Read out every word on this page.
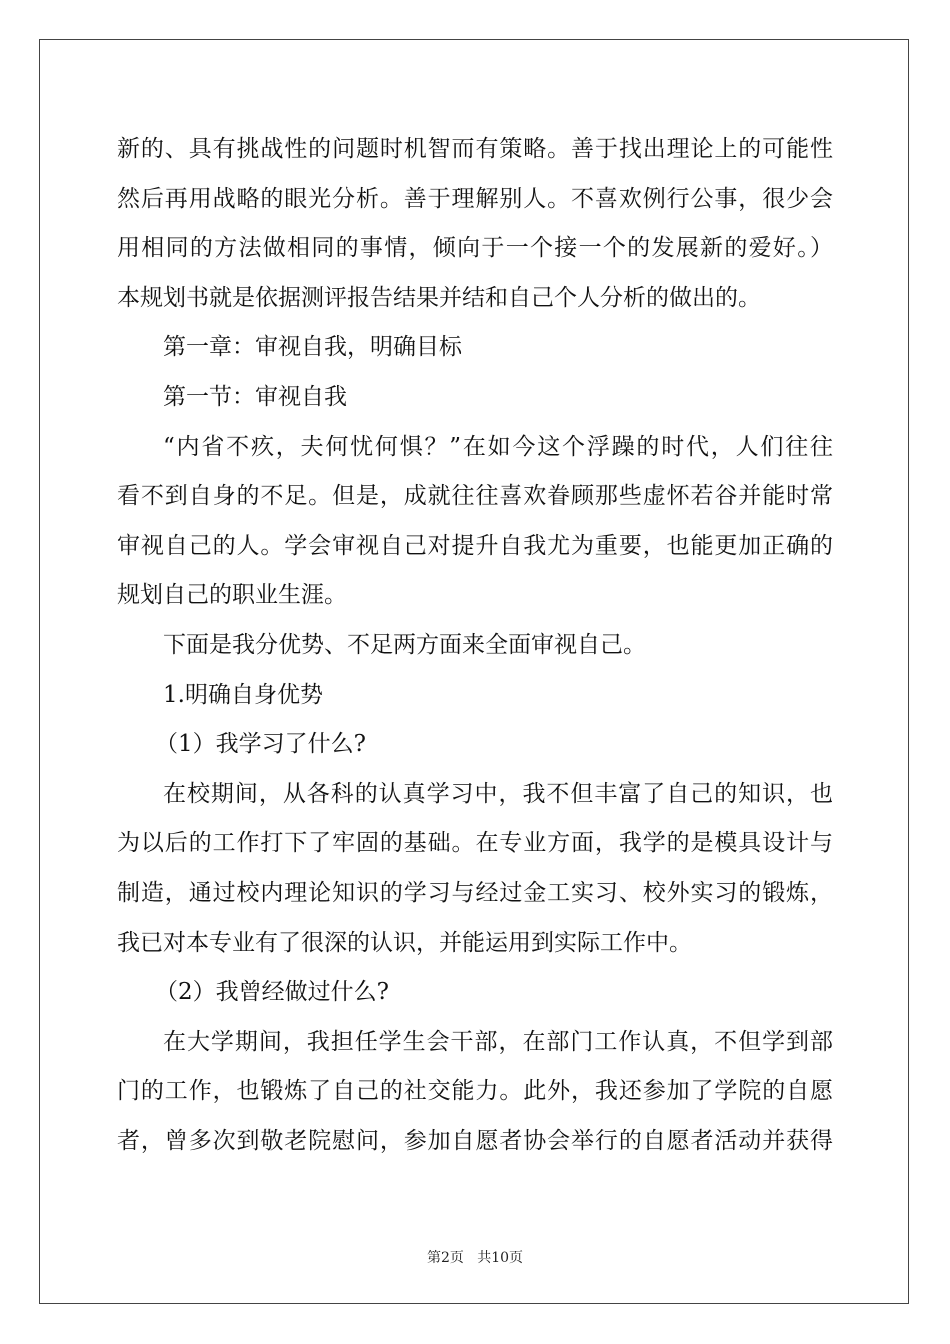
新的、具有挑战性的问题时机智而有策略。善于找出理论上的可能性
然后再用战略的眼光分析。善于理解别人。不喜欢例行公事，很少会
用相同的方法做相同的事情，倾向于一个接一个的发展新的爱好。）
本规划书就是依据测评报告结果并结和自己个人分析的做出的。
第一章：审视自我，明确目标
第一节：审视自我
“内省不疚，夫何忧何惧？”在如今这个浮躁的时代，人们往往
看不到自身的不足。但是，成就往往喜欢眷顾那些虚怀若谷并能时常
审视自己的人。学会审视自己对提升自我尤为重要，也能更加正确的
规划自己的职业生涯。
下面是我分优势、不足两方面来全面审视自己。
1.明确自身优势
（1）我学习了什么?
在校期间，从各科的认真学习中，我不但丰富了自己的知识，也
为以后的工作打下了牢固的基础。在专业方面，我学的是模具设计与
制造，通过校内理论知识的学习与经过金工实习、校外实习的锻炼，
我已对本专业有了很深的认识，并能运用到实际工作中。
（2）我曾经做过什么?
在大学期间，我担任学生会干部，在部门工作认真，不但学到部
门的工作，也锻炼了自己的社交能力。此外，我还参加了学院的自愿
者，曾多次到敬老院慰问，参加自愿者协会举行的自愿者活动并获得
第2页   共10页
